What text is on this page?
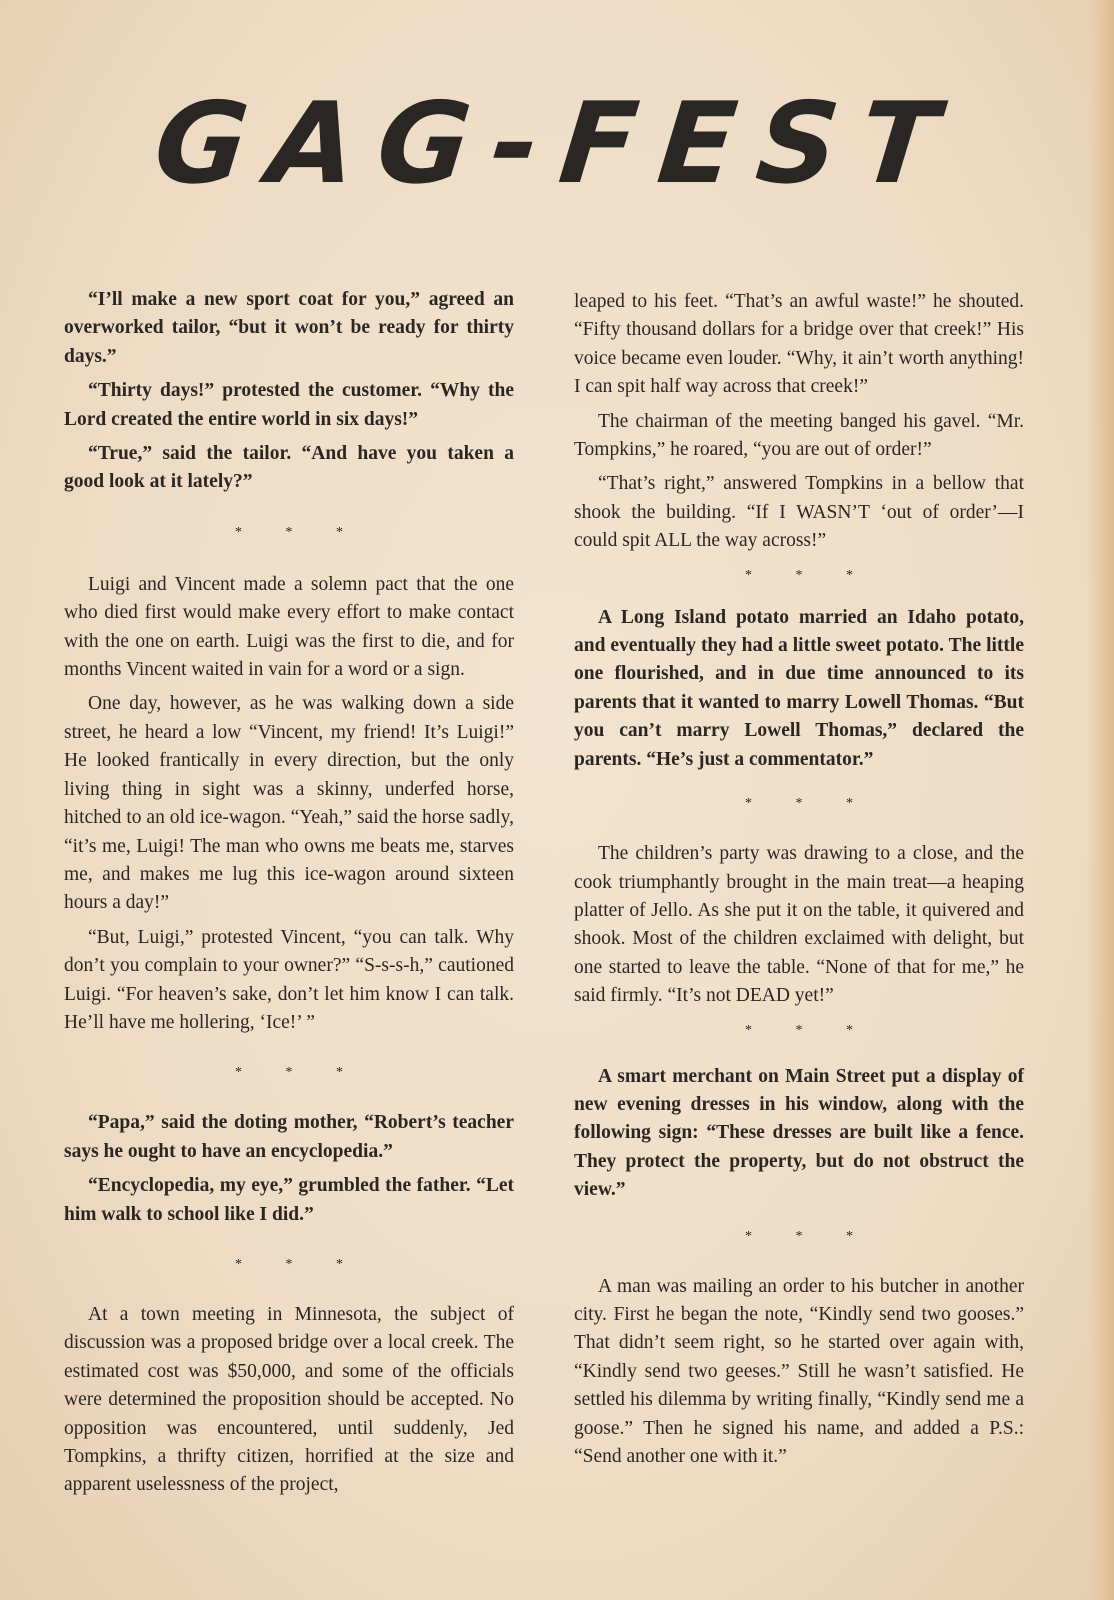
GAG-FEST

“I’ll make a new sport coat for you,” agreed an overworked tailor, “but it won’t be ready for thirty days.”

“Thirty days!” protested the customer. “Why the Lord created the entire world in six days!”

“True,” said the tailor. “And have you taken a good look at it lately?”

* * *

Luigi and Vincent made a solemn pact that the one who died first would make every effort to make contact with the one on earth. Luigi was the first to die, and for months Vincent waited in vain for a word or a sign.

One day, however, as he was walking down a side street, he heard a low “Vincent, my friend! It’s Luigi!” He looked frantically in every direction, but the only living thing in sight was a skinny, underfed horse, hitched to an old ice-wagon. “Yeah,” said the horse sadly, “it’s me, Luigi! The man who owns me beats me, starves me, and makes me lug this ice-wagon around sixteen hours a day!”

“But, Luigi,” protested Vincent, “you can talk. Why don’t you complain to your owner?” “S-s-s-h,” cautioned Luigi. “For heaven’s sake, don’t let him know I can talk. He’ll have me hollering, ‘Ice!’ ”

* * *

“Papa,” said the doting mother, “Robert’s teacher says he ought to have an encyclopedia.”

“Encyclopedia, my eye,” grumbled the father. “Let him walk to school like I did.”

* * *

At a town meeting in Minnesota, the subject of discussion was a proposed bridge over a local creek. The estimated cost was $50,000, and some of the officials were determined the proposition should be accepted. No opposition was encountered, until suddenly, Jed Tompkins, a thrifty citizen, horrified at the size and apparent uselessness of the project,

leaped to his feet. “That’s an awful waste!” he shouted. “Fifty thousand dollars for a bridge over that creek!” His voice became even louder. “Why, it ain’t worth anything! I can spit half way across that creek!”

The chairman of the meeting banged his gavel. “Mr. Tompkins,” he roared, “you are out of order!”

“That’s right,” answered Tompkins in a bellow that shook the building. “If I WASN’T ‘out of order’—I could spit ALL the way across!”

* * *

A Long Island potato married an Idaho potato, and eventually they had a little sweet potato. The little one flourished, and in due time announced to its parents that it wanted to marry Lowell Thomas. “But you can’t marry Lowell Thomas,” declared the parents. “He’s just a commentator.”

* * *

The children’s party was drawing to a close, and the cook triumphantly brought in the main treat—a heaping platter of Jello. As she put it on the table, it quivered and shook. Most of the children exclaimed with delight, but one started to leave the table. “None of that for me,” he said firmly. “It’s not DEAD yet!”

* * *

A smart merchant on Main Street put a display of new evening dresses in his window, along with the following sign: “These dresses are built like a fence. They protect the property, but do not obstruct the view.”

* * *

A man was mailing an order to his butcher in another city. First he began the note, “Kindly send two gooses.” That didn’t seem right, so he started over again with, “Kindly send two geeses.” Still he wasn’t satisfied. He settled his dilemma by writing finally, “Kindly send me a goose.” Then he signed his name, and added a P.S.: “Send another one with it.”
